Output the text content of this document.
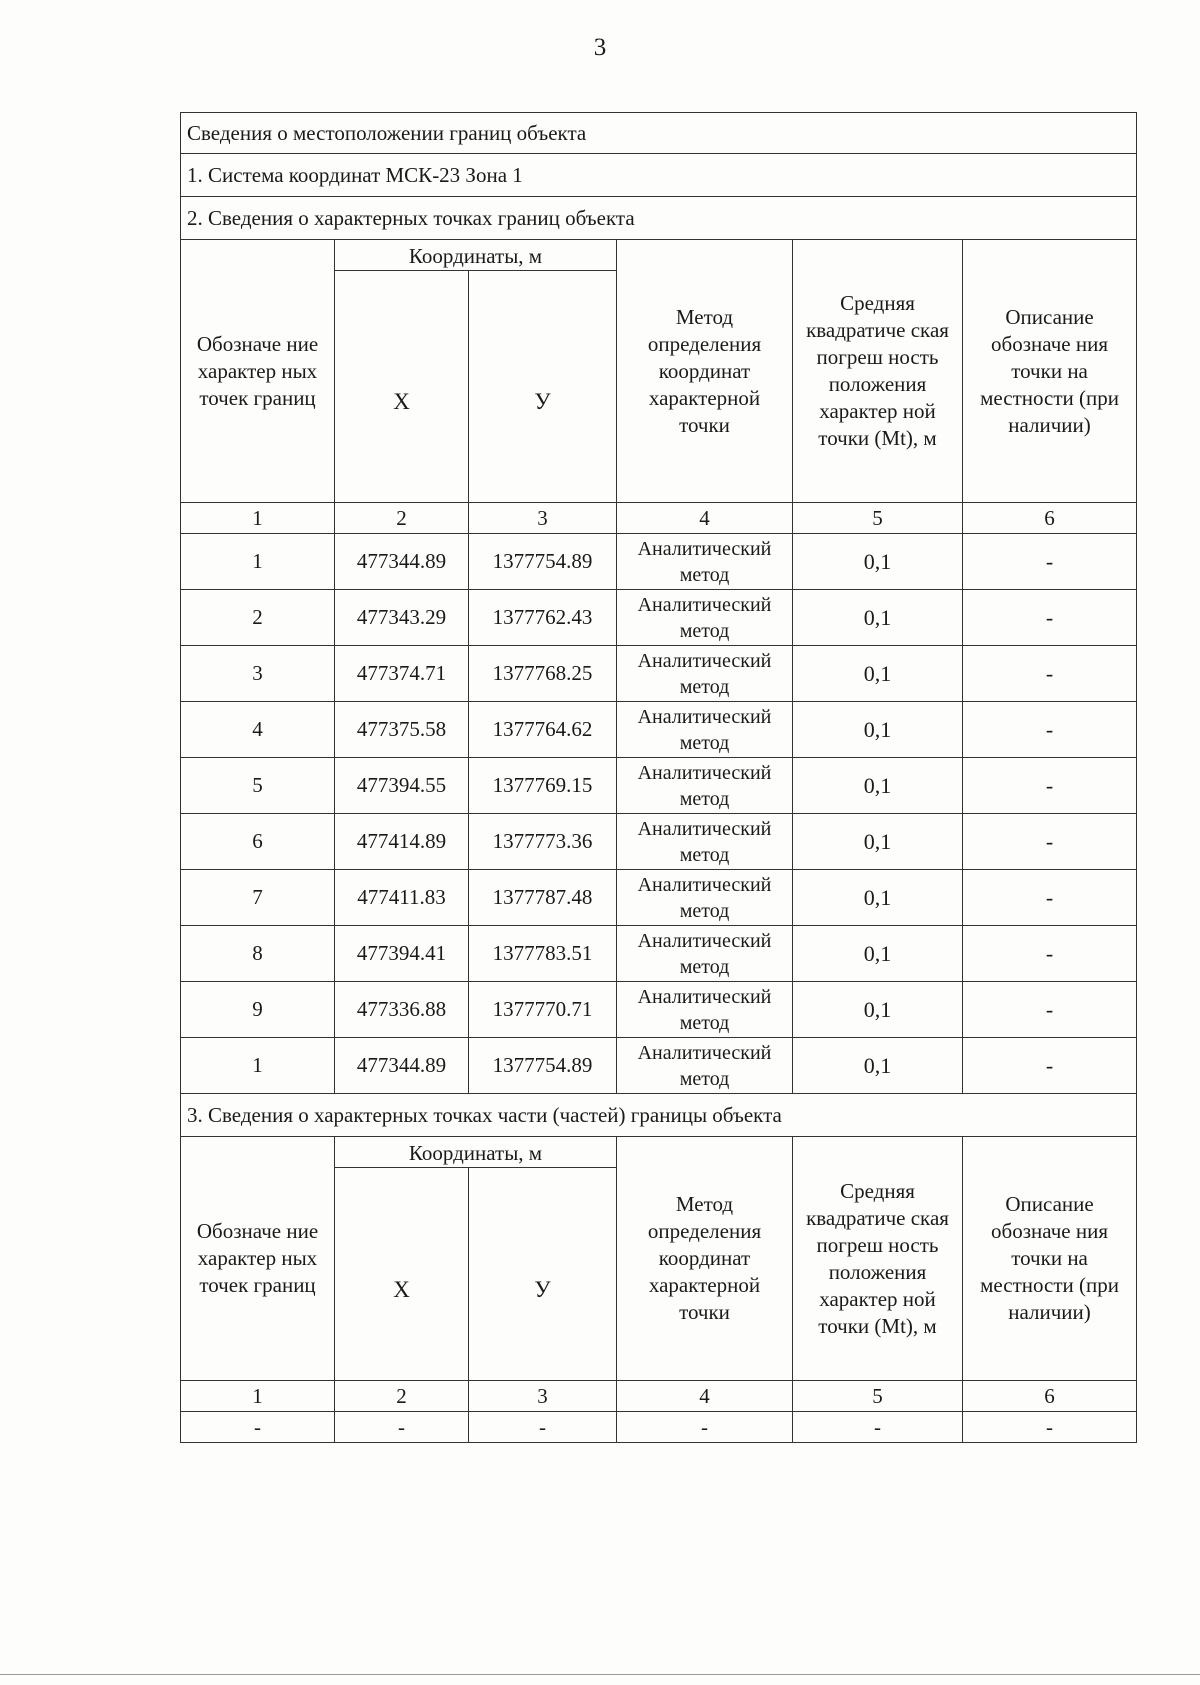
3
Сведения о местоположении границ объекта					
1. Система координат МСК-23 Зона 1					
2. Сведения о характерных точках границ объекта					
Обозначе ние характер ных точек границ	Координаты, м		Метод определения координат характерной точки	Средняя квадратиче ская погреш ность положения характер ной точки (Mt), м	Описание обозначе ния точки на местности (при наличии)
	X	У			
1	2	3	4	5	6
1	477344.89	1377754.89	Аналитический метод	0,1	-
2	477343.29	1377762.43	Аналитический метод	0,1	-
3	477374.71	1377768.25	Аналитический метод	0,1	-
4	477375.58	1377764.62	Аналитический метод	0,1	-
5	477394.55	1377769.15	Аналитический метод	0,1	-
6	477414.89	1377773.36	Аналитический метод	0,1	-
7	477411.83	1377787.48	Аналитический метод	0,1	-
8	477394.41	1377783.51	Аналитический метод	0,1	-
9	477336.88	1377770.71	Аналитический метод	0,1	-
1	477344.89	1377754.89	Аналитический метод	0,1	-
3. Сведения о характерных точках части (частей) границы объекта					
Обозначе ние характер ных точек границ	Координаты, м		Метод определения координат характерной точки	Средняя квадратиче ская погреш ность положения характер ной точки (Mt), м	Описание обозначе ния точки на местности (при наличии)
	X	У			
1	2	3	4	5	6
-	-	-	-	-	-
